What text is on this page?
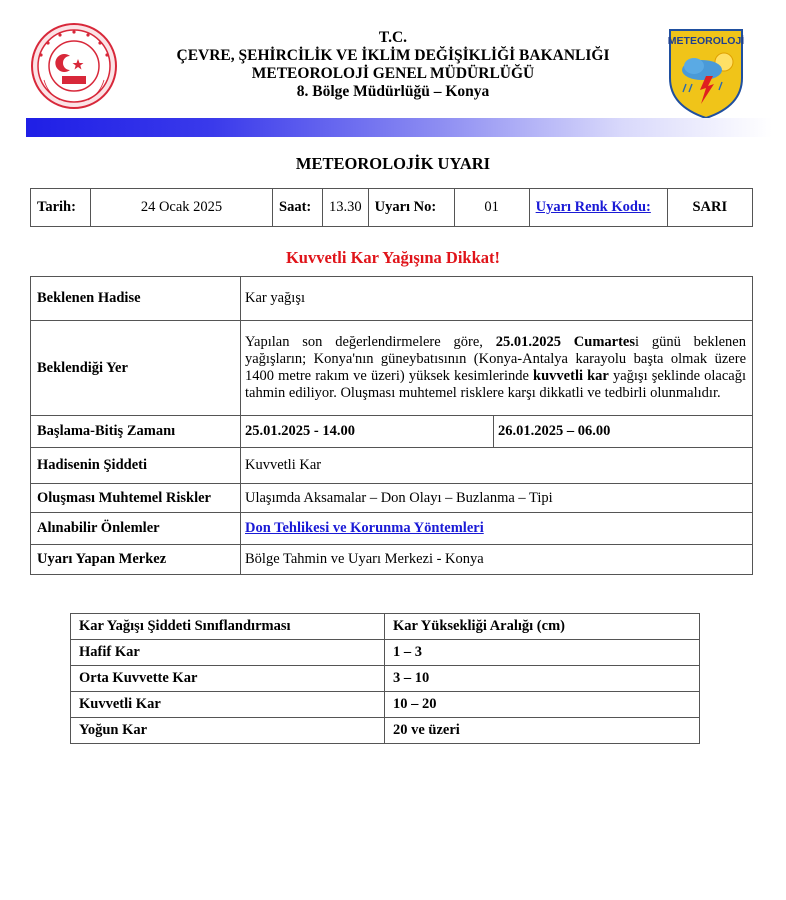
T.C.
ÇEVRE, ŞEHİRCİLİK VE İKLİM DEĞİŞİKLİĞİ BAKANLIĞI
METEOROLOJİ GENEL MÜDÜRLÜĞÜ
8. Bölge Müdürlüğü – Konya
METEOROLOJİ
METEOROLOJİK UYARI
Tarih:	24 Ocak 2025	Saat:	13.30	Uyarı No:	01	Uyarı Renk Kodu:	SARI
Kuvvetli Kar Yağışına Dikkat!
Beklenen Hadise	Kar yağışı	
Beklendiği Yer	Yapılan son değerlendirmelere göre, 25.01.2025 Cumartesi günü beklenen yağışların; Konya'nın güneybatısının (Konya-Antalya karayolu başta olmak üzere 1400 metre rakım ve üzeri) yüksek kesimlerinde kuvvetli kar yağışı şeklinde olacağı tahmin ediliyor. Oluşması muhtemel risklere karşı dikkatli ve tedbirli olunmalıdır.	
Başlama-Bitiş Zamanı	25.01.2025 - 14.00	26.01.2025 – 06.00
Hadisenin Şiddeti	Kuvvetli Kar	
Oluşması Muhtemel Riskler	Ulaşımda Aksamalar – Don Olayı – Buzlanma – Tipi	
Alınabilir Önlemler	Don Tehlikesi ve Korunma Yöntemleri	
Uyarı Yapan Merkez	Bölge Tahmin ve Uyarı Merkezi - Konya	
Kar Yağışı Şiddeti Sınıflandırması	Kar Yüksekliği Aralığı (cm)
Hafif Kar	1 – 3
Orta Kuvvette Kar	3 – 10
Kuvvetli Kar	10 – 20
Yoğun Kar	20 ve üzeri
